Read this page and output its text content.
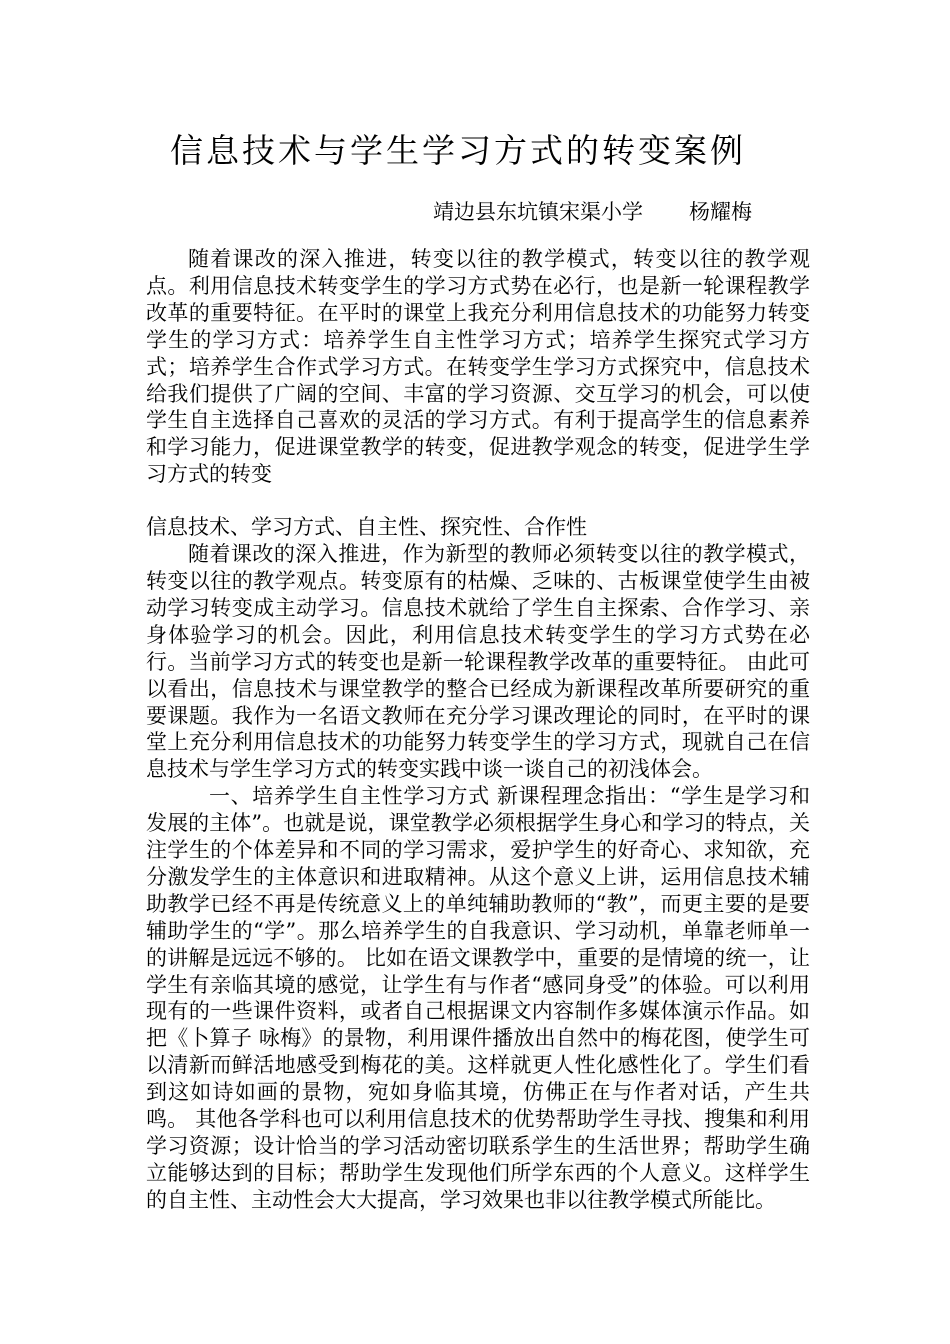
信息技术与学生学习方式的转变案例
靖边县东坑镇宋渠小学 杨耀梅

随着课改的深入推进，转变以往的教学模式，转变以往的教学观点。利用信息技术转变学生的学习方式势在必行，也是新一轮课程教学改革的重要特征。在平时的课堂上我充分利用信息技术的功能努力转变学生的学习方式：培养学生自主性学习方式；培养学生探究式学习方式；培养学生合作式学习方式。在转变学生学习方式探究中，信息技术给我们提供了广阔的空间、丰富的学习资源、交互学习的机会，可以使学生自主选择自己喜欢的灵活的学习方式。有利于提高学生的信息素养和学习能力，促进课堂教学的转变，促进教学观念的转变，促进学生学习方式的转变

信息技术、学习方式、自主性、探究性、合作性

随着课改的深入推进，作为新型的教师必须转变以往的教学模式，转变以往的教学观点。转变原有的枯燥、乏味的、古板课堂使学生由被动学习转变成主动学习。信息技术就给了学生自主探索、合作学习、亲身体验学习的机会。因此，利用信息技术转变学生的学习方式势在必行。当前学习方式的转变也是新一轮课程教学改革的重要特征。 由此可以看出，信息技术与课堂教学的整合已经成为新课程改革所要研究的重要课题。我作为一名语文教师在充分学习课改理论的同时，在平时的课堂上充分利用信息技术的功能努力转变学生的学习方式，现就自己在信息技术与学生学习方式的转变实践中谈一谈自己的初浅体会。

一、培养学生自主性学习方式 新课程理念指出：“学生是学习和发展的主体”。也就是说，课堂教学必须根据学生身心和学习的特点，关注学生的个体差异和不同的学习需求，爱护学生的好奇心、求知欲，充分激发学生的主体意识和进取精神。从这个意义上讲，运用信息技术辅助教学已经不再是传统意义上的单纯辅助教师的“教”，而更主要的是要辅助学生的“学”。那么培养学生的自我意识、学习动机，单靠老师单一的讲解是远远不够的。 比如在语文课教学中，重要的是情境的统一，让学生有亲临其境的感觉，让学生有与作者“感同身受”的体验。可以利用现有的一些课件资料，或者自己根据课文内容制作多媒体演示作品。如把《卜算子 咏梅》的景物，利用课件播放出自然中的梅花图，使学生可以清新而鲜活地感受到梅花的美。这样就更人性化感性化了。学生们看到这如诗如画的景物，宛如身临其境，仿佛正在与作者对话，产生共鸣。 其他各学科也可以利用信息技术的优势帮助学生寻找、搜集和利用学习资源；设计恰当的学习活动密切联系学生的生活世界；帮助学生确立能够达到的目标；帮助学生发现他们所学东西的个人意义。这样学生的自主性、主动性会大大提高，学习效果也非以往教学模式所能比。
